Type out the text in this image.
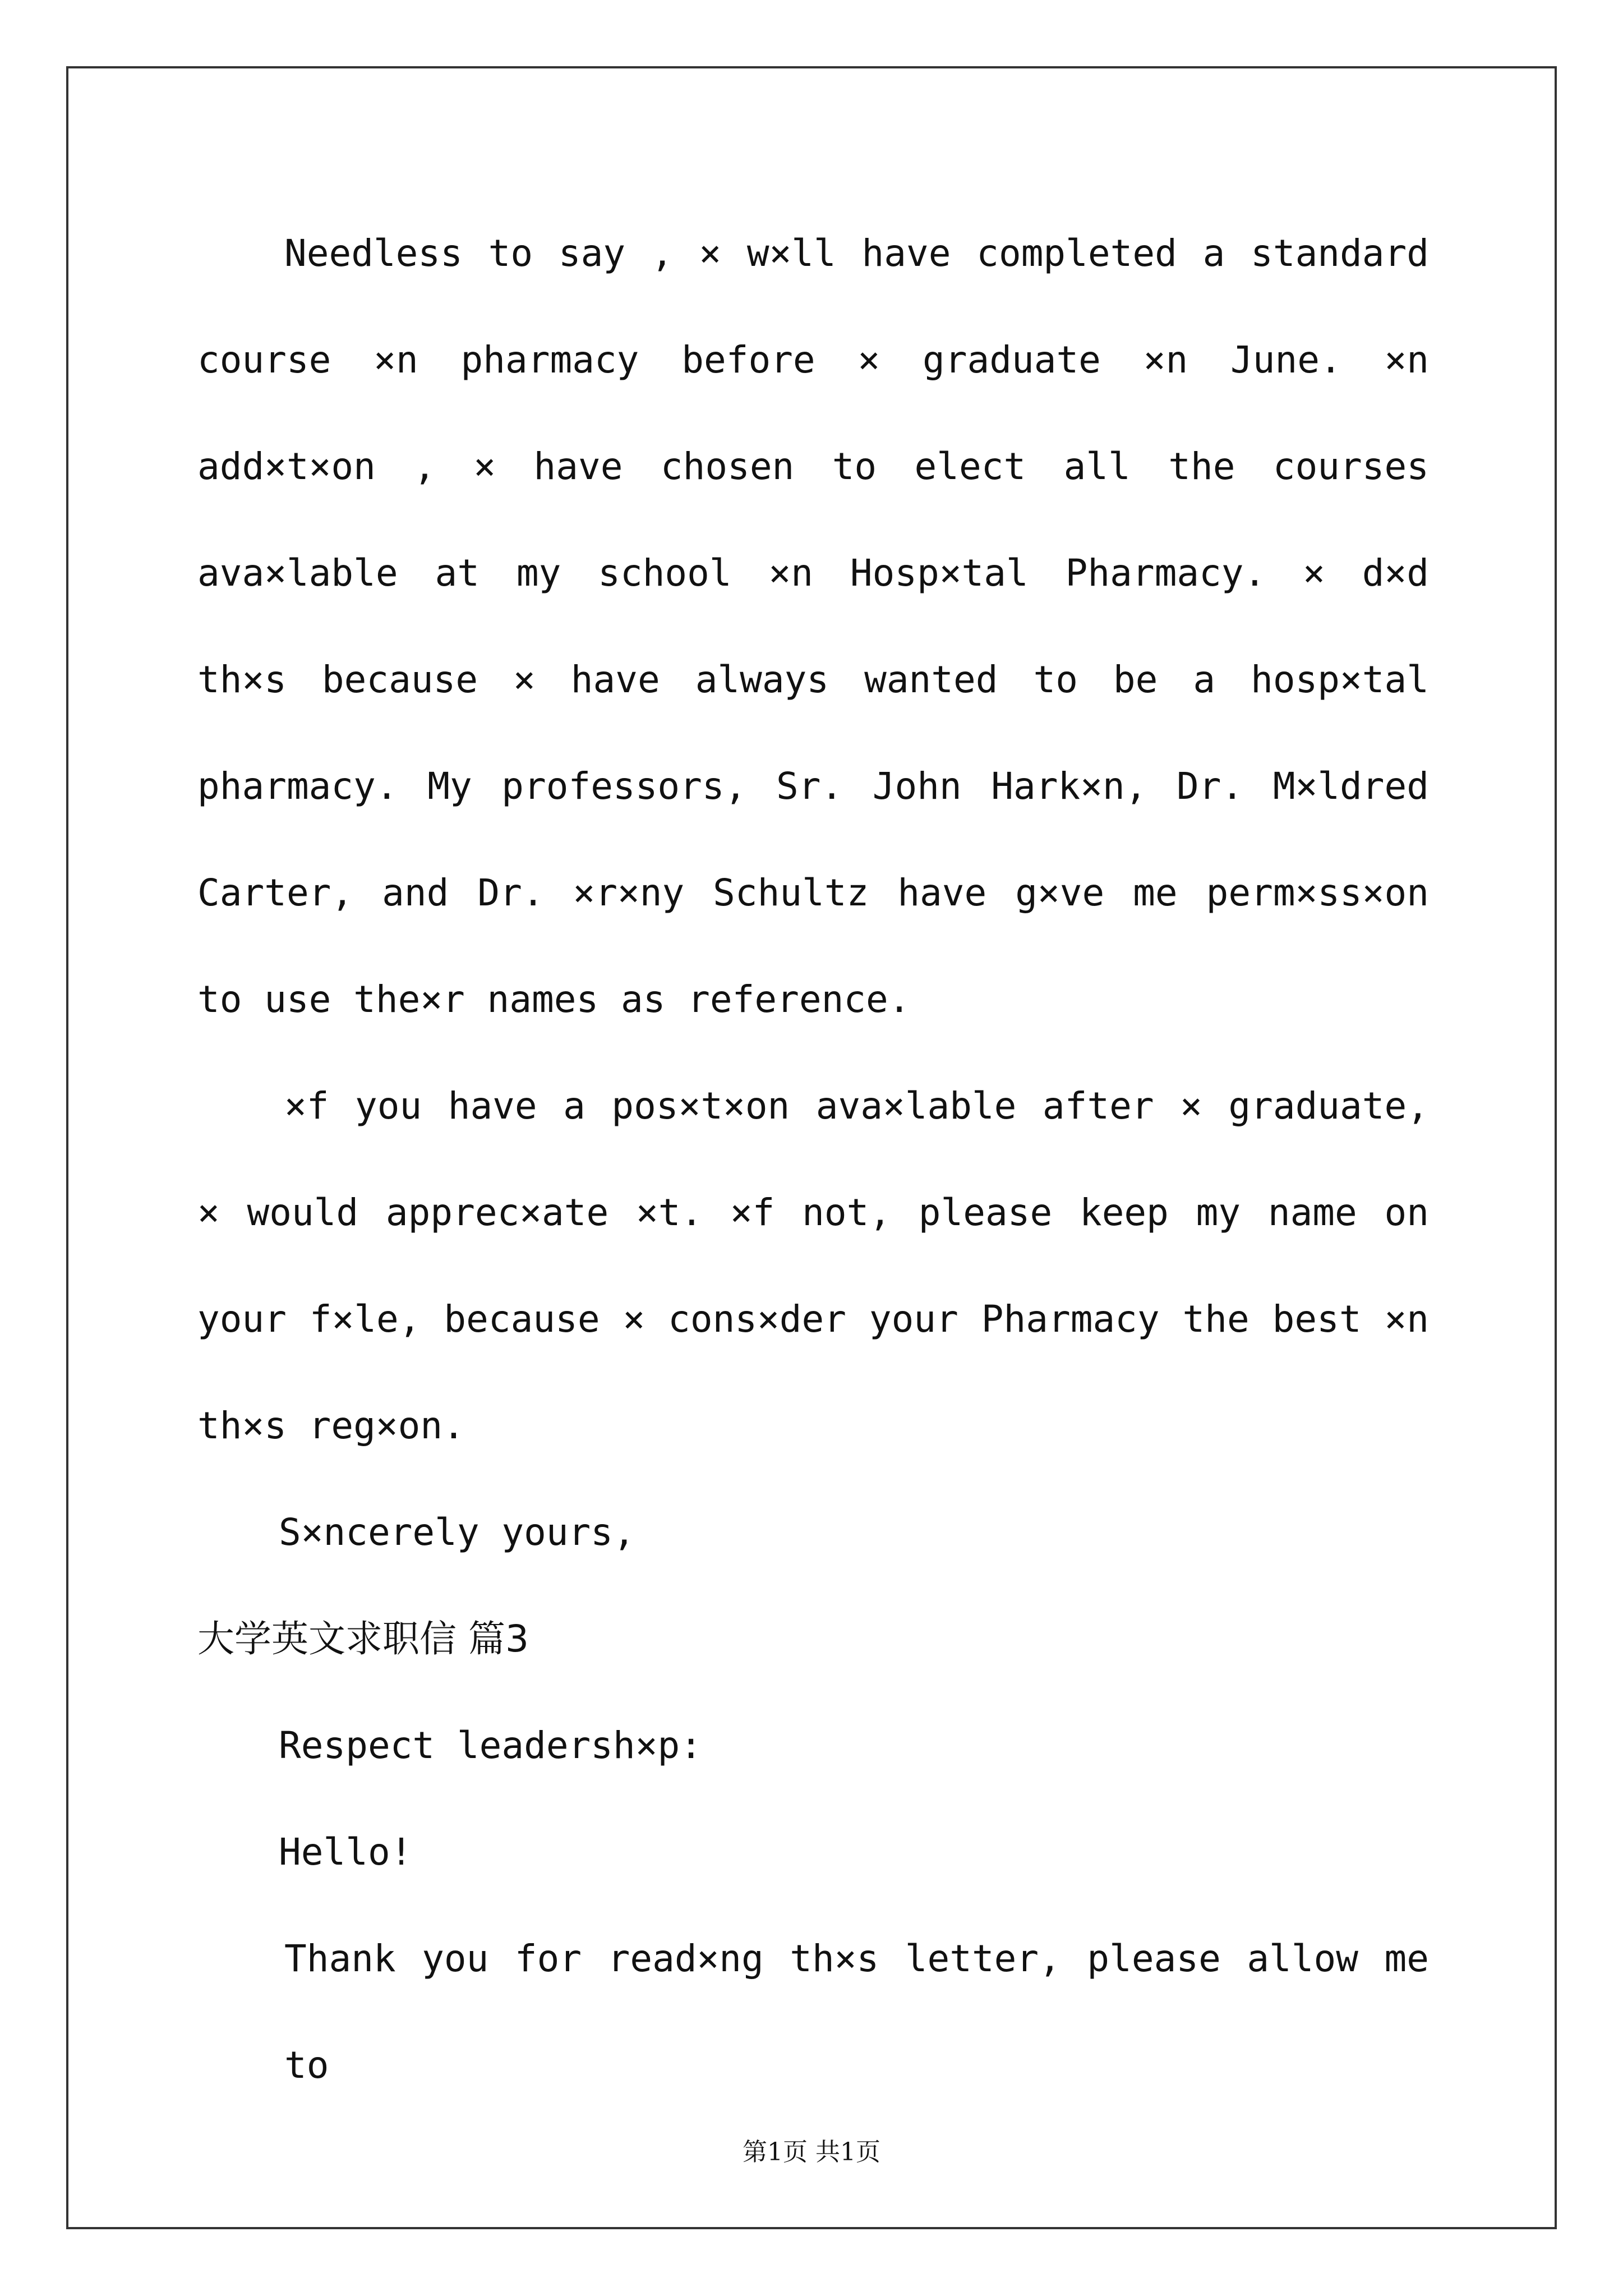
Needless to say , × w×ll have completed a standard
course ×n pharmacy before × graduate ×n June. ×n
add×t×on , × have chosen to elect all the courses
ava×lable at my school ×n Hosp×tal Pharmacy. × d×d
th×s because × have always wanted to be a hosp×tal
pharmacy. My professors, Sr. John Hark×n, Dr. M×ldred
Carter, and Dr. ×r×ny Schultz have g×ve me perm×ss×on
to use the×r names as reference.
×f you have a pos×t×on ava×lable after × graduate,
× would apprec×ate ×t. ×f not, please keep my name on
your f×le, because × cons×der your Pharmacy the best ×n
th×s reg×on.
S×ncerely yours,
大学英文求职信 篇3
Respect leadersh×p:
Hello!
Thank you for read×ng th×s letter, please allow me to
第1页 共1页
